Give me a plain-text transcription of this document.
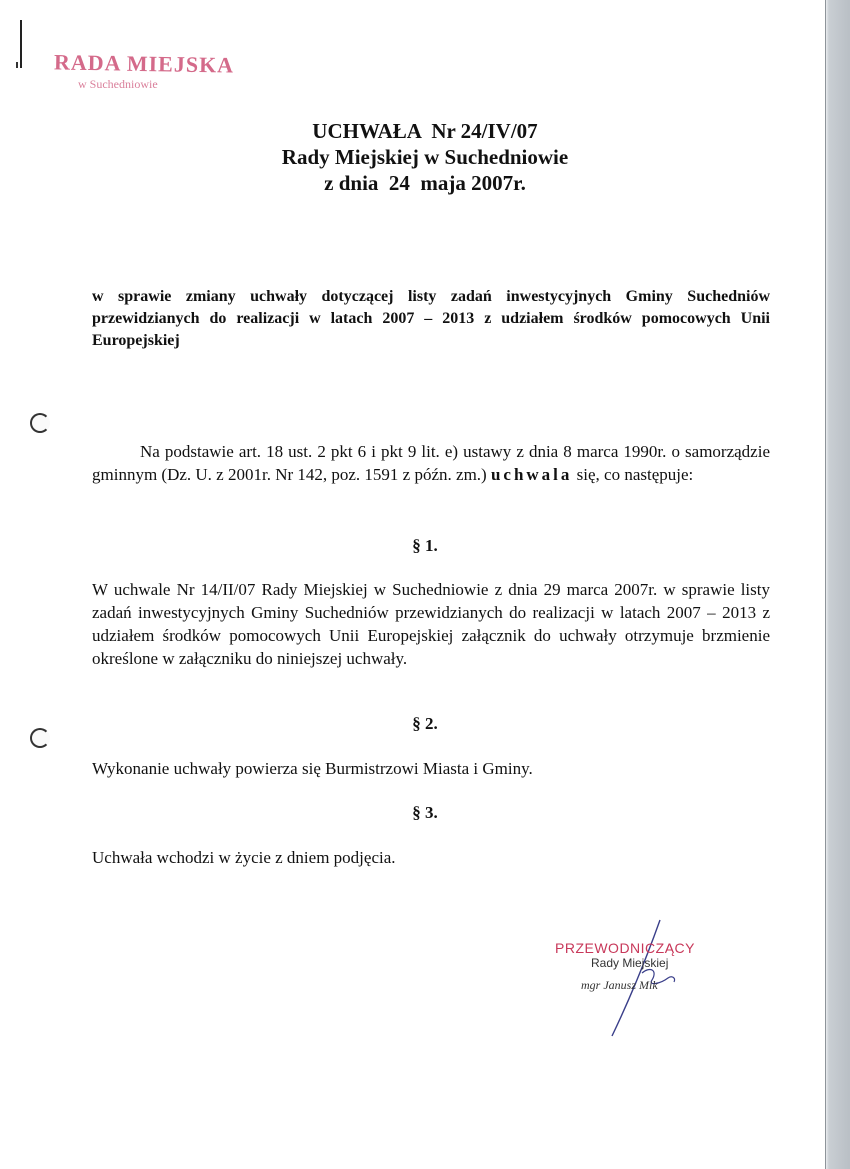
RADA MIEJSKA
w Suchedniowie
UCHWAŁA  Nr 24/IV/07
Rady Miejskiej w Suchedniowie
z dnia  24  maja 2007r.
w sprawie zmiany uchwały dotyczącej listy zadań inwestycyjnych Gminy Suchedniów przewidzianych do realizacji w latach 2007 – 2013 z udziałem środków pomocowych Unii Europejskiej
Na podstawie art. 18 ust. 2 pkt 6 i pkt 9 lit. e) ustawy z dnia 8 marca 1990r. o samorządzie gminnym (Dz. U. z 2001r. Nr 142, poz. 1591 z późn. zm.) uchwala się, co następuje:
§ 1.
W uchwale Nr 14/II/07 Rady Miejskiej w Suchedniowie z dnia 29 marca 2007r. w sprawie listy zadań inwestycyjnych Gminy Suchedniów przewidzianych do realizacji w latach 2007 – 2013 z udziałem środków pomocowych Unii Europejskiej załącznik do uchwały otrzymuje brzmienie określone w załączniku do niniejszej uchwały.
§ 2.
Wykonanie uchwały powierza się Burmistrzowi Miasta i Gminy.
§ 3.
Uchwała wchodzi w życie z dniem podjęcia.
PRZEWODNICZĄCY
Rady Miejskiej
mgr Janusz Mik
